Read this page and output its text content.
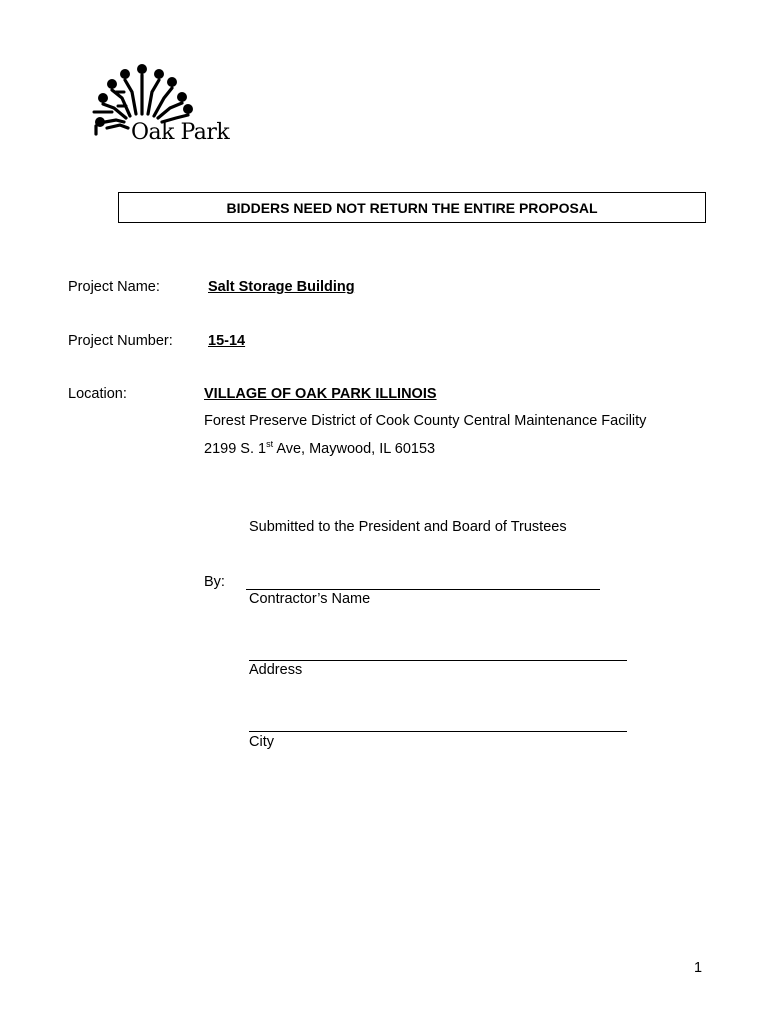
Oak Park
BIDDERS NEED NOT RETURN THE ENTIRE PROPOSAL
Project Name:	Salt Storage Building
Project Number: 15-14
Location:	VILLAGE OF OAK PARK ILLINOIS
Forest Preserve District of Cook County Central Maintenance Facility
2199 S. 1st Ave, Maywood, IL 60153
Submitted to the President and Board of Trustees
By:
Contractor’s Name
Address
City
1
